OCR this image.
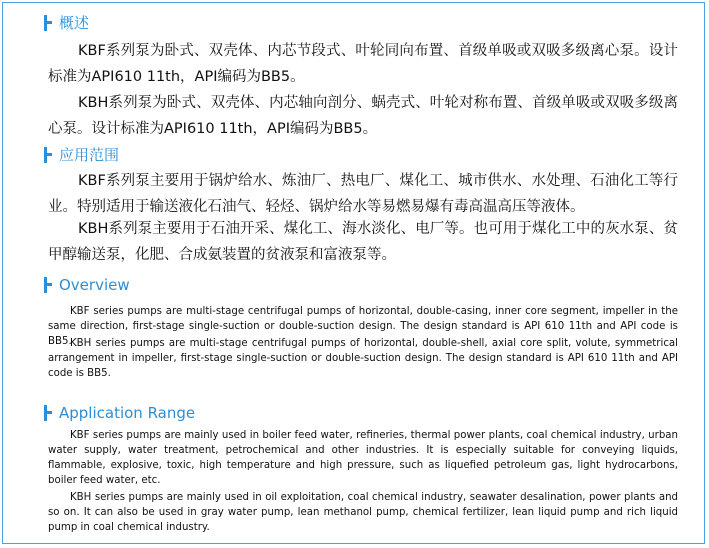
概述

KBF系列泵为卧式、双壳体、内芯节段式、叶轮同向布置、首级单吸或双吸多级离心泵。设计标准为API610 11th，API编码为BB5。

KBH系列泵为卧式、双壳体、内芯轴向剖分、蜗壳式、叶轮对称布置、首级单吸或双吸多级离心泵。设计标准为API610 11th，API编码为BB5。

应用范围

KBF系列泵主要用于锅炉给水、炼油厂、热电厂、煤化工、城市供水、水处理、石油化工等行业。特别适用于输送液化石油气、轻烃、锅炉给水等易燃易爆有毒高温高压等液体。

KBH系列泵主要用于石油开采、煤化工、海水淡化、电厂等。也可用于煤化工中的灰水泵、贫甲醇输送泵，化肥、合成氨装置的贫液泵和富液泵等。

Overview

KBF series pumps are multi-stage centrifugal pumps of horizontal, double-casing, inner core segment, impeller in the same direction, first-stage single-suction or double-suction design. The design standard is API 610 11th and API code is BB5.

KBH series pumps are multi-stage centrifugal pumps of horizontal, double-shell, axial core split, volute, symmetrical arrangement in impeller, first-stage single-suction or double-suction design. The design standard is API 610 11th and API code is BB5.

Application Range

KBF series pumps are mainly used in boiler feed water, refineries, thermal power plants, coal chemical industry, urban water supply, water treatment, petrochemical and other industries. It is especially suitable for conveying liquids, flammable, explosive, toxic, high temperature and high pressure, such as liquefied petroleum gas, light hydrocarbons, boiler feed water, etc.

KBH series pumps are mainly used in oil exploitation, coal chemical industry, seawater desalination, power plants and so on. It can also be used in gray water pump, lean methanol pump, chemical fertilizer, lean liquid pump and rich liquid pump in coal chemical industry.
